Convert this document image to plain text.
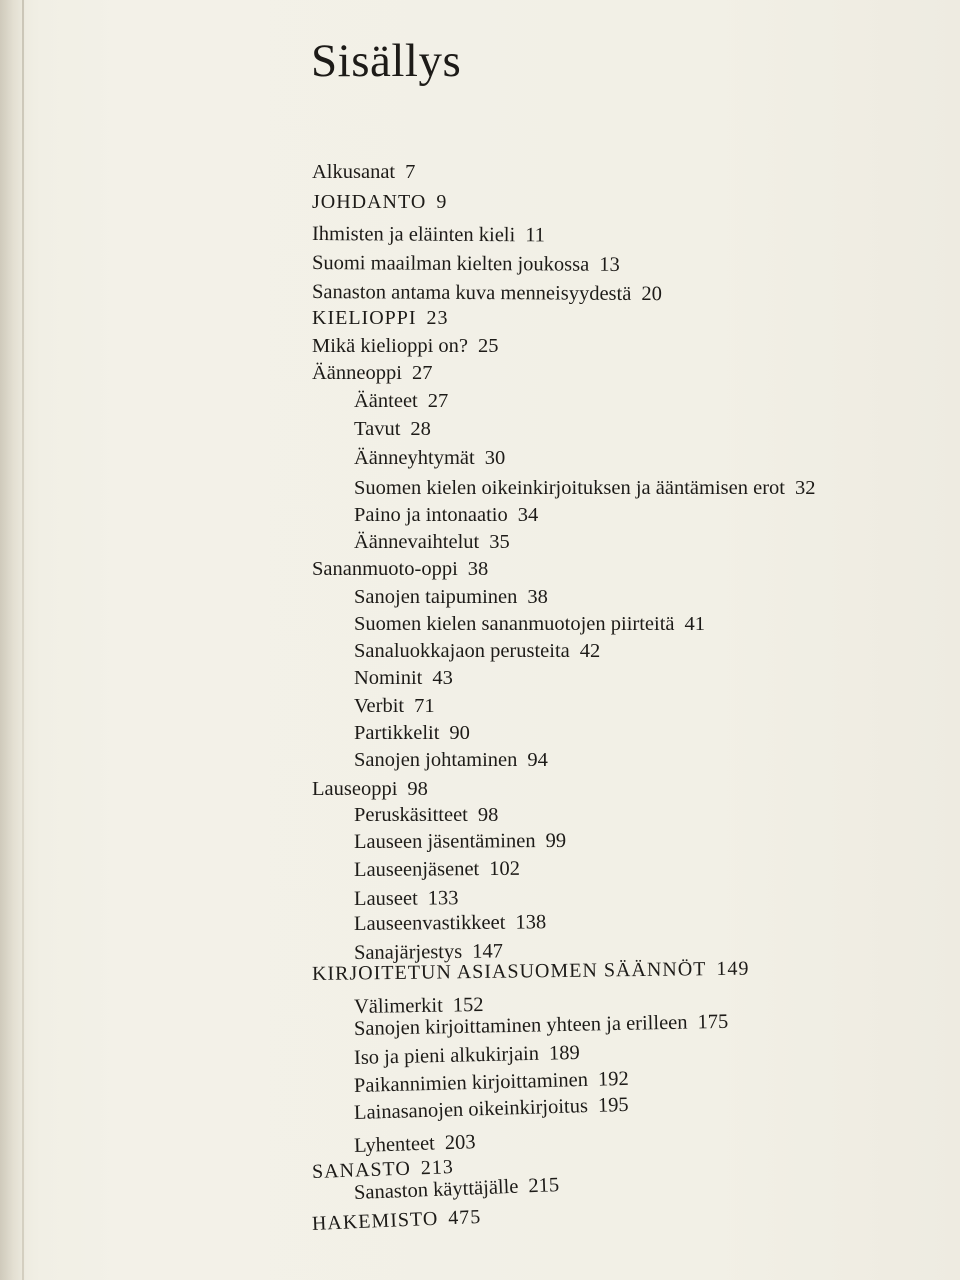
Sisällys
Alkusanat 7
JOHDANTO 9
Ihmisten ja eläinten kieli 11
Suomi maailman kielten joukossa 13
Sanaston antama kuva menneisyydestä 20
KIELIOPPI 23
Mikä kielioppi on? 25
Äänneoppi 27
Äänteet 27
Tavut 28
Äänneyhtymät 30
Suomen kielen oikeinkirjoituksen ja ääntämisen erot 32
Paino ja intonaatio 34
Äännevaihtelut 35
Sananmuoto-oppi 38
Sanojen taipuminen 38
Suomen kielen sananmuotojen piirteitä 41
Sanaluokkajaon perusteita 42
Nominit 43
Verbit 71
Partikkelit 90
Sanojen johtaminen 94
Lauseoppi 98
Peruskäsitteet 98
Lauseen jäsentäminen 99
Lauseenjäsenet 102
Lauseet 133
Lauseenvastikkeet 138
Sanajärjestys 147
KIRJOITETUN ASIASUOMEN SÄÄNNÖT 149
Välimerkit 152
Sanojen kirjoittaminen yhteen ja erilleen 175
Iso ja pieni alkukirjain 189
Paikannimien kirjoittaminen 192
Lainasanojen oikeinkirjoitus 195
Lyhenteet 203
SANASTO 213
Sanaston käyttäjälle 215
HAKEMISTO 475
